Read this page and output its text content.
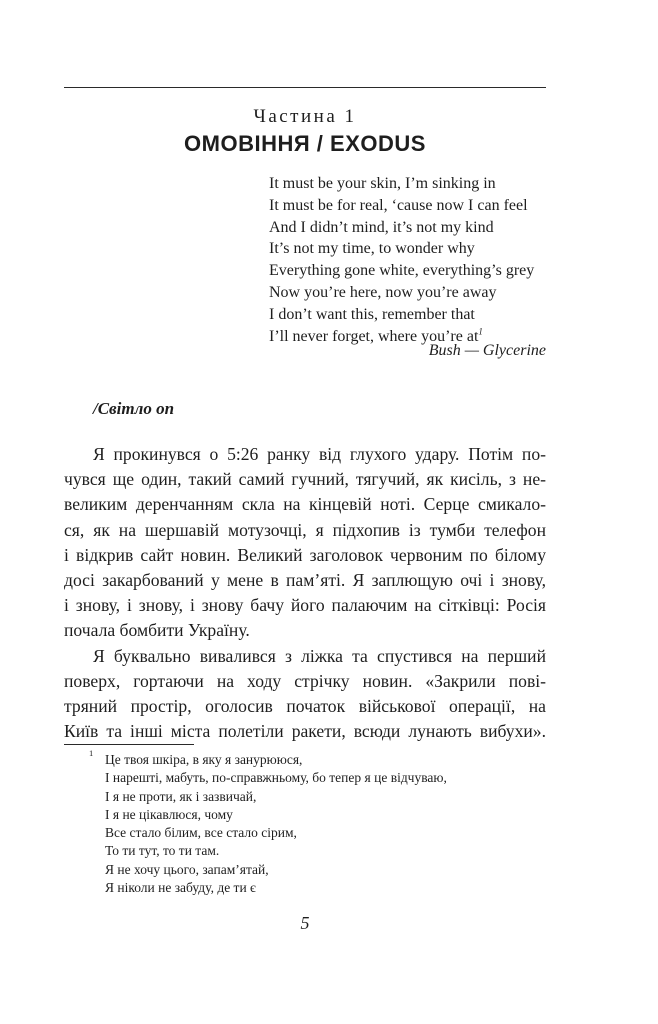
Частина 1
ОМОВІННЯ / EXODUS
It must be your skin, I’m sinking in
It must be for real, ‘cause now I can feel
And I didn’t mind, it’s not my kind
It’s not my time, to wonder why
Everything gone white, everything’s grey
Now you’re here, now you’re away
I don’t want this, remember that
I’ll never forget, where you’re at$^1$
Bush — Glycerine
/Світло on
Я прокинувся о 5:26 ранку від глухого удару. Потім по-
чувся ще один, такий самий гучний, тягучий, як кисіль, з не-
великим деренчанням скла на кінцевій ноті. Серце смикало-
ся, як на шершавій мотузочці, я підхопив із тумби телефон
і відкрив сайт новин. Великий заголовок червоним по білому
досі закарбований у мене в пам’яті. Я заплющую очі і знову,
і знову, і знову, і знову бачу його палаючим на сітківці: Росія
почала бомбити Україну.
Я буквально вивалився з ліжка та спустився на перший
поверх, гортаючи на ходу стрічку новин. «Закрили пові-
тряний простір, оголосив початок військової операції, на
Київ та інші міста полетіли ракети, всюди лунають вибухи».
1 Це твоя шкіра, в яку я занурююся,
І нарешті, мабуть, по-справжньому, бо тепер я це відчуваю,
І я не проти, як і зазвичай,
І я не цікавлюся, чому
Все стало білим, все стало сірим,
То ти тут, то ти там.
Я не хочу цього, запам’ятай,
Я ніколи не забуду, де ти є
5
